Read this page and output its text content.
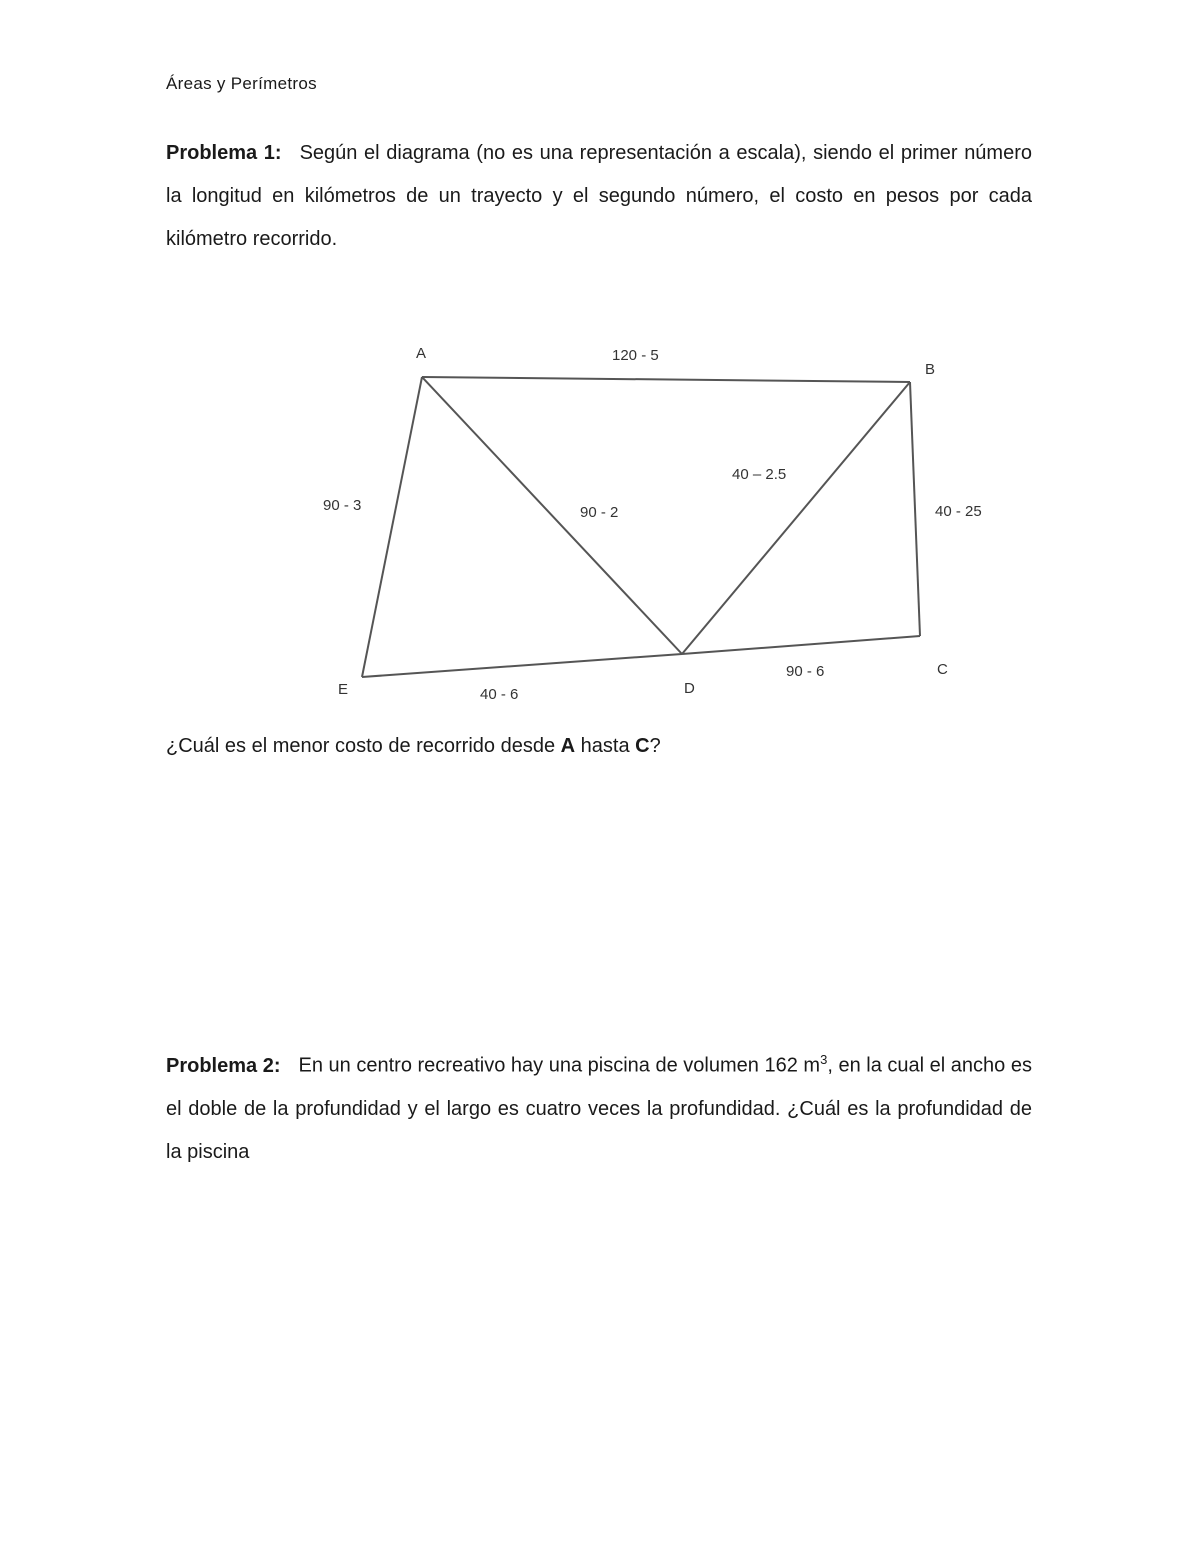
Áreas y Perímetros
Problema 1: Según el diagrama (no es una representación a escala), siendo el primer número la longitud en kilómetros de un trayecto y el segundo número, el costo en pesos por cada kilómetro recorrido.
A
B
C
D
E
120 - 5
90 - 3	90 - 2
40 – 2.5
40 - 25
40 - 6
90 - 6
¿Cuál es el menor costo de recorrido desde A hasta C?
Problema 2: En un centro recreativo hay una piscina de volumen 162 $m^3$, en la cual el ancho es el doble de la profundidad y el largo es cuatro veces la profundidad. ¿Cuál es la profundidad de la piscina
